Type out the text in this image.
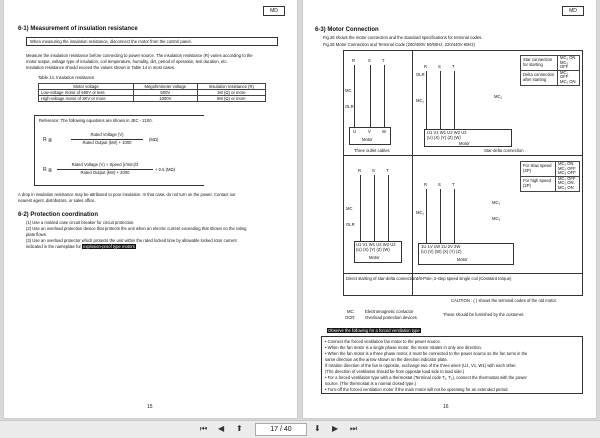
MD
6-1) Measurement of insulation resistance
When measuring the insulation resistance, disconnect the motor from the control panel.
Measure the insulation resistance before connecting to power source. The insulation resistance (R) varies according to the
motor output, voltage type of insulation, coil temperature, humidity, dirt, period of operation, test duration, etc.
Insulation resistance should exceed the values shown in Table 14 in most cases.
Table 14. Insulation resistance
Motor voltage	Megohmmeter voltage	Insulation resistance (R)
Low-voltage motor of 690V or less	500V	1M (Ω) or more
High-voltage motor of 3KV or more	1000V	5M (Ω) or more
Reference: The following equations are shown in JEC - 2100.
R ≧
Rated Voltage (V)
Rated Output (kW) + 1000
(MΩ)
R ≧
Rated Voltage (V) + Speed (r/min)/3
Rated Output (kW) + 2000
+ 0.5 (MΩ)
A drop in insulation resistance may be attributed to poor insulation. In that case, do not turn on the power. Contact our
nearest agent, distributors, or sales office.
6-2) Protection coordination
(1) Use a molded case circuit breaker for circuit protection.
(2) Use an overload protection device that protects the unit when an electric current exceeding that shown on the rating
plate flows.
(3) Use an overload protector which protects the unit within the rated locked time by allowable locked rotor current
indicated in the nameplate for explosion-proof type motors
15
MD
6-3) Motor Connection
Fig.26 shows the motor connection and the standard specifications for terminal codes.
Fig.26 Motor Connection and Terminal Code (200/400V 50/60Hz, 220/440V 60Hz)
R	S	T
MC
OLR
U	V	W
Motor
Three outlet cables
R	S	T
OLR
MC₁
MC₂
U1 V1 W1 U2 W2 U2
(U) (X) (Y) (Z) (W)
Motor
Star connection for starting	MC₁ ON
MC₂ OFF
Delta connection after starting	MC₁ OFF
MC₂ ON
Star-delta connection
R	S	T
MC
OLR
U1 V1 W1 U2 W2 U2
(U) (X) (Y) (Z) (W)
Motor
Direct starting of star-delta connection
R	S	T
MC₁
MC₂
MC₃
1U 1V 1W 2U 2V 2W
(U) (V) (W) (X) (Y) (Z)
Motor
For slow speed (4P)	MC₁ ON
MC₂ OFF
MC₃ OFF
For high speed (2P)	MC₁ OFF
MC₂ ON
MC₃ ON
4/8-Pole, 2-step speed single coil (Constant torque)
CAUTION : ( ) shows the terminal codes of the old motor.
MC: Electromagnetic contactor
OCR: Overload protection devices
These should be furnished by the customer.
Observe the following for a forced ventilation type
• Connect the forced ventilation fan motor to the power source.
• When the fan motor is a single phase motor, the motor rotates in only one direction.
• When the fan motor is a three phase motor, it must be connected to the power source so the fan turns in the
same direction as the arrow shown on the direction indicator plate.
If rotation direction of the fan is opposite, exchange two of the three wires (U1, V1, W1) with each other.
(The direction of ventilation should be from opposite load side to load side.)
• For a forced ventilation type with a thermostat (Terminal code T₁, T₂), connect the thermostat with the power
source. (The thermostat is a normal closed type.)
• Turn-off the forced ventilation motor if the main motor will not be operating for an extended period.
16
⏮ ◀ ⬆	17 / 40	⬇ ▶ ⏭
